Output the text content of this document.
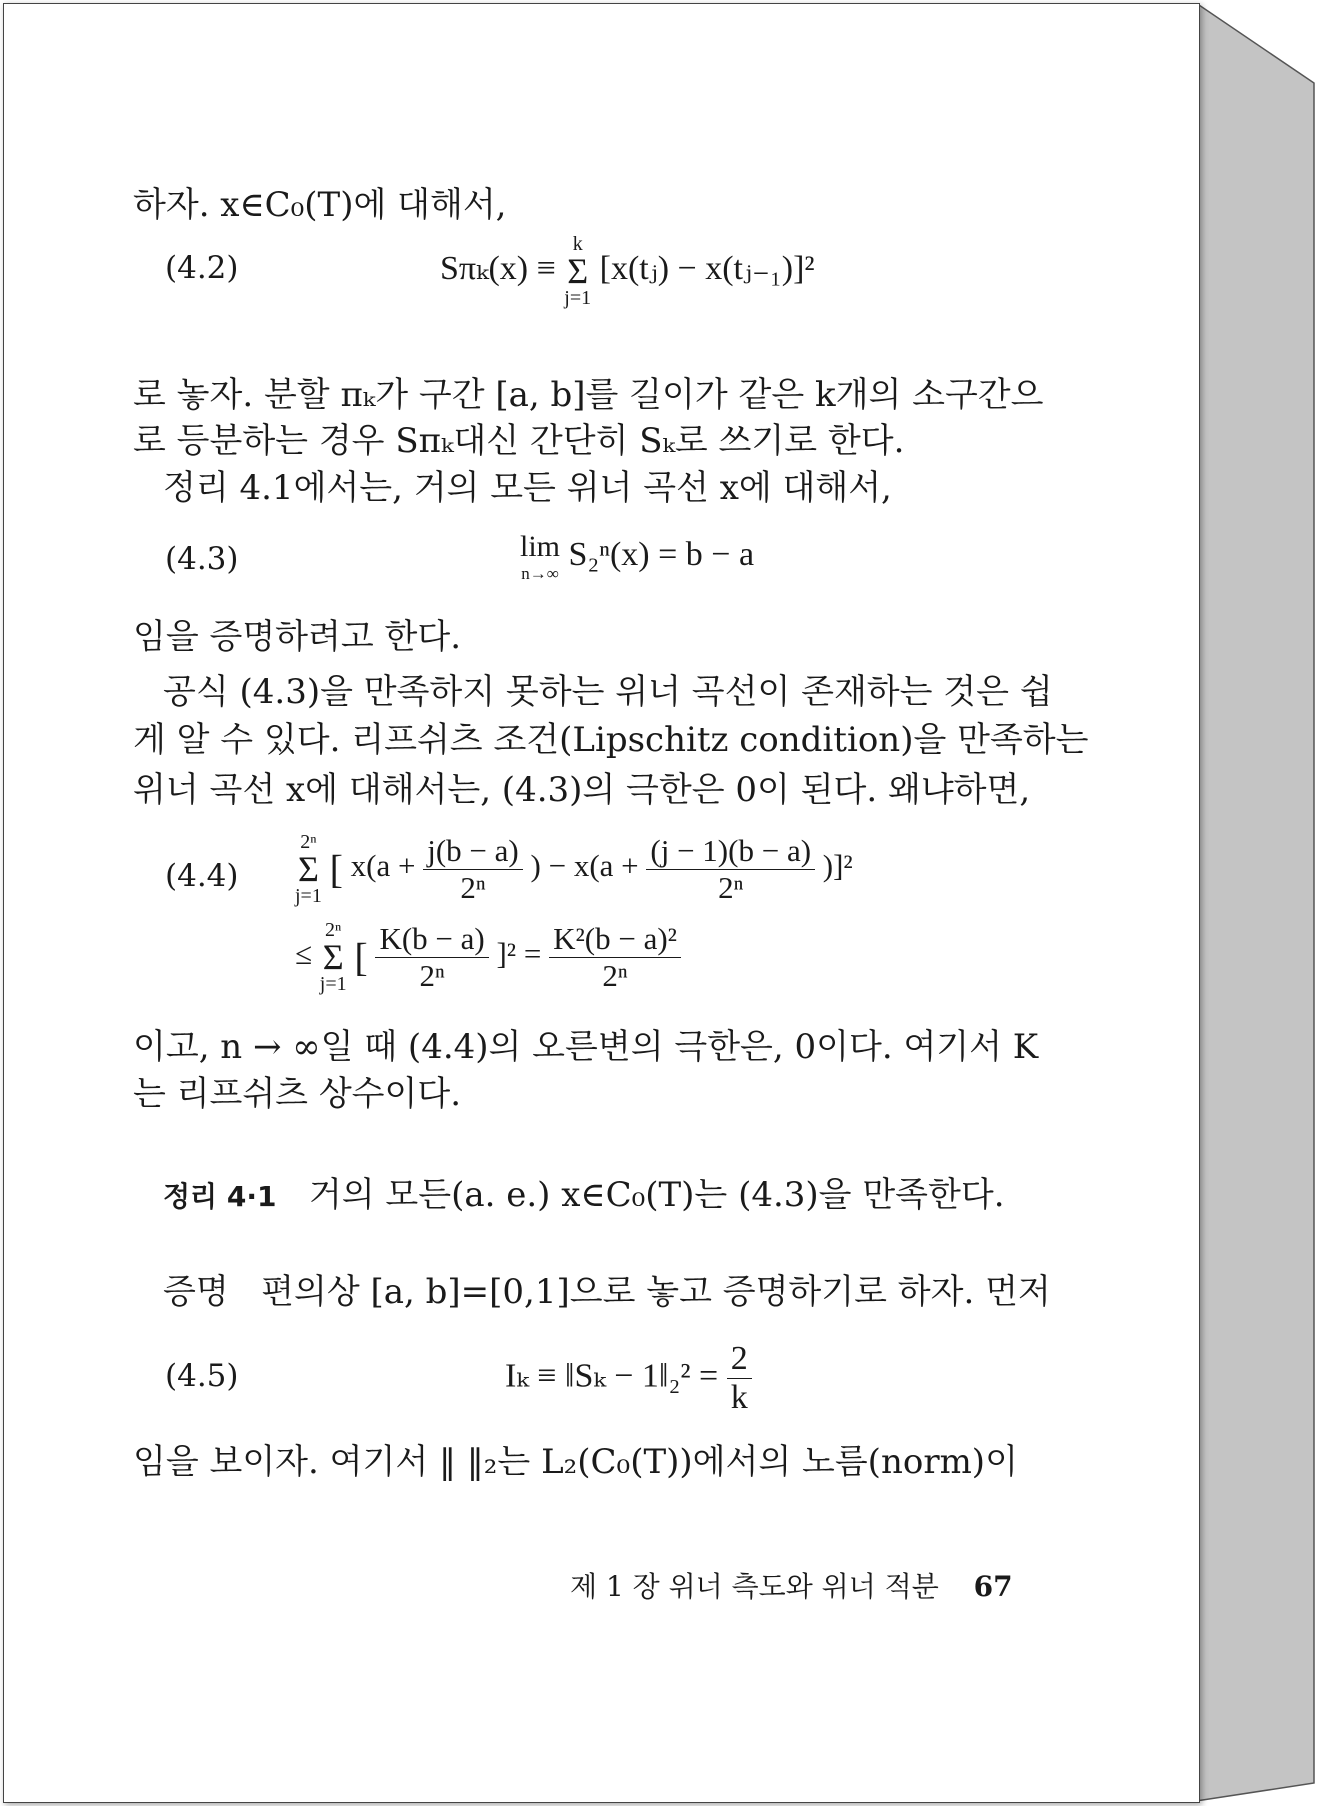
하자. x∈C₀(T)에 대해서,
(4.2)	Sπₖ(x) ≡ k
Σ
j=1 [x(tⱼ) − x(tⱼ₋₁)]²
로 놓자. 분할 πₖ가 구간 [a, b]를 길이가 같은 k개의 소구간으
로 등분하는 경우 Sπₖ대신 간단히 Sₖ로 쓰기로 한다.
정리 4.1에서는, 거의 모든 위너 곡선 x에 대해서,
(4.3)	lim
n→∞ S₂ⁿ(x) = b − a
임을 증명하려고 한다.
공식 (4.3)을 만족하지 못하는 위너 곡선이 존재하는 것은 쉽
게 알 수 있다. 리프쉬츠 조건(Lipschitz condition)을 만족하는
위너 곡선 x에 대해서는, (4.3)의 극한은 0이 된다. 왜냐하면,
(4.4)
2ⁿ
Σ
j=1 [ $x(a + \frac{j(b - a)}{\text{2ⁿ}}$ ) − $x(a + \frac{(j - 1)(b - a)}{\text{2ⁿ}} )]^2$
≤ 2ⁿ
Σ
j=1 [ $\frac{K(b - a)}{\text{2ⁿ}} ]^2 = \frac{\text{K²(b − a)²}}{\text{2ⁿ}}$
이고, n → ∞일 때 (4.4)의 오른변의 극한은, 0이다. 여기서 K
는 리프쉬츠 상수이다.
정리 4·1 거의 모든(a. e.) x∈C₀(T)는 (4.3)을 만족한다.
증명 편의상 [a, b]=[0,1]으로 놓고 증명하기로 하자. 먼저
(4.5)	Iₖ ≡ ‖Sₖ − 1‖₂² = $\frac{2}{k}$
임을 보이자. 여기서 ‖ ‖₂는 L₂(C₀(T))에서의 노름(norm)이
제 1 장 위너 측도와 위너 적분 67
